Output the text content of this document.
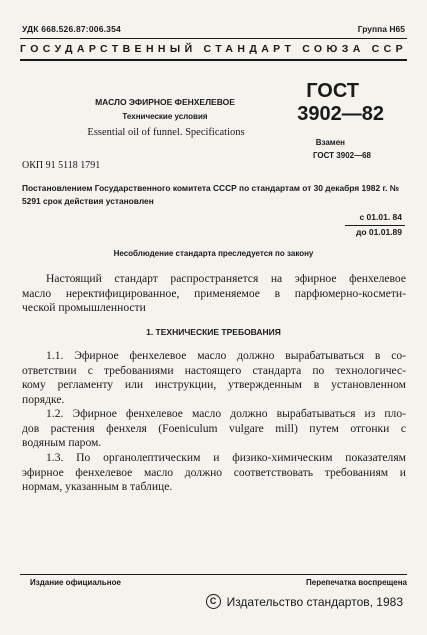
УДК 668.526.87:006.354	Группа Н65
ГОСУДАРСТВЕННЫЙ СТАНДАРТ СОЮЗА ССР
МАСЛО ЭФИРНОЕ ФЕНХЕЛЕВОЕ
Технические условия
Essential oil of funnel. Specifications
ГОСТ
3902—82
Взамен
ГОСТ 3902—68
ОКП 91 5118 1791
Постановлением Государственного комитета СССР по стандартам от 30 декабря 1982 г. № 5291 срок действия установлен
с 01.01. 84
до 01.01.89
Несоблюдение стандарта преследуется по закону
Настоящий стандарт распространяется на эфирное фенхелевое
масло неректифицированное, применяемое в парфюмерно-космети-
ческой промышленности
1. ТЕХНИЧЕСКИЕ ТРЕБОВАНИЯ
1.1. Эфирное фенхелевое масло должно вырабатываться в со-
ответствии с требованиями настоящего стандарта по технологичес-
кому регламенту или инструкции, утвержденным в установленном
порядке.
1.2. Эфирное фенхелевое масло должно вырабатываться из пло-
дов растения фенхеля (Foeniculum vulgare mill) путем отгонки с
водяным паром.
1.3. По органолептическим и физико-химическим показателям
эфирное фенхелевое масло должно соответствовать требованиям и
нормам, указанным в таблице.
Издание официальное	Перепечатка воспрещена
C Издательство стандартов, 1983
